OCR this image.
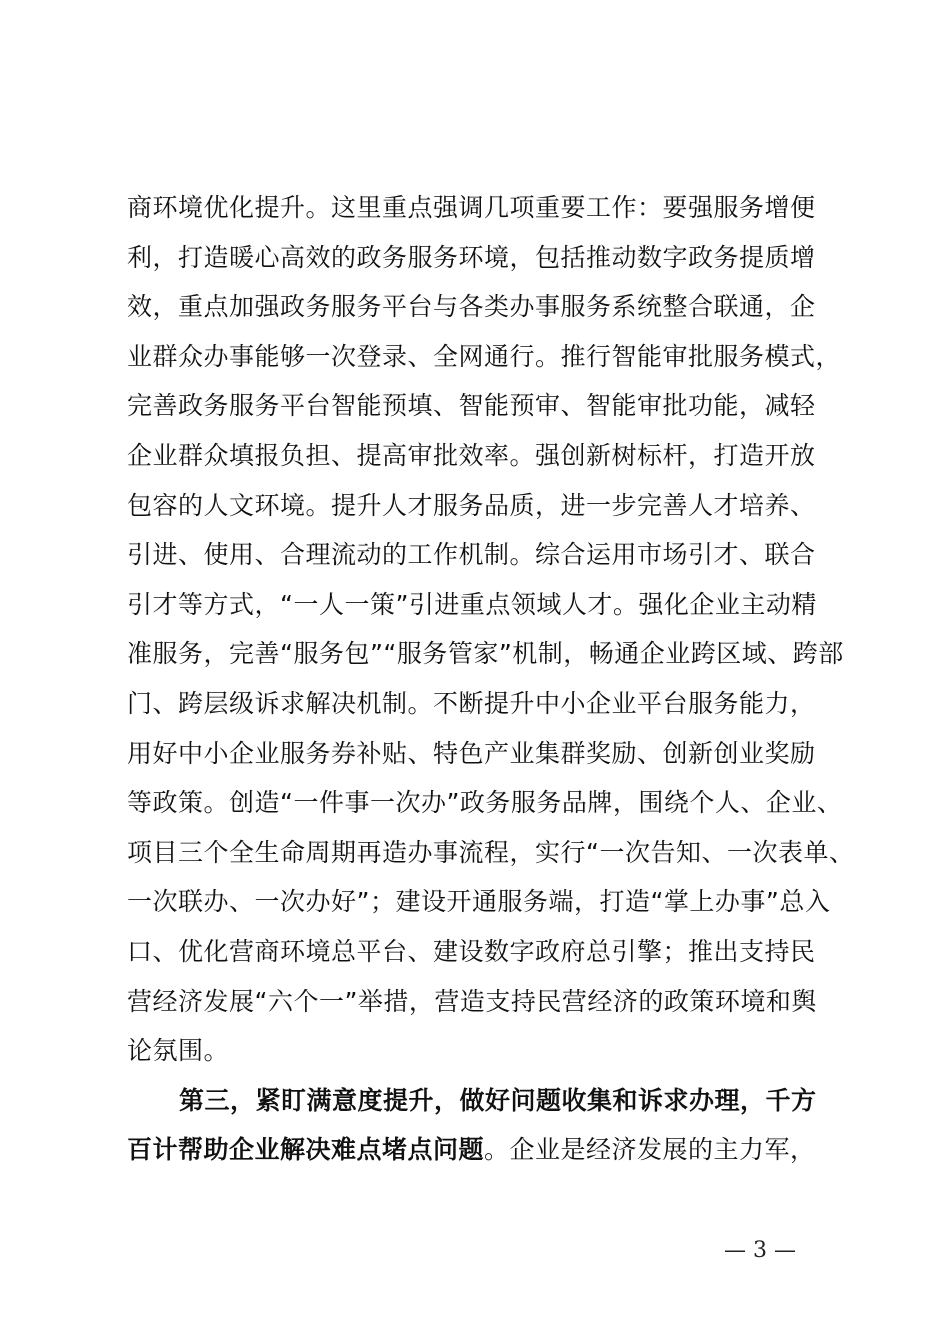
商环境优化提升。这里重点强调几项重要工作：要强服务增便
利，打造暖心高效的政务服务环境，包括推动数字政务提质增
效，重点加强政务服务平台与各类办事服务系统整合联通，企
业群众办事能够一次登录、全网通行。推行智能审批服务模式，
完善政务服务平台智能预填、智能预审、智能审批功能，减轻
企业群众填报负担、提高审批效率。强创新树标杆，打造开放
包容的人文环境。提升人才服务品质，进一步完善人才培养、
引进、使用、合理流动的工作机制。综合运用市场引才、联合
引才等方式，“一人一策”引进重点领域人才。强化企业主动精
准服务，完善“服务包”“服务管家”机制，畅通企业跨区域、跨部
门、跨层级诉求解决机制。不断提升中小企业平台服务能力，
用好中小企业服务券补贴、特色产业集群奖励、创新创业奖励
等政策。创造“一件事一次办”政务服务品牌，围绕个人、企业、
项目三个全生命周期再造办事流程，实行“一次告知、一次表单、
一次联办、一次办好”；建设开通服务端，打造“掌上办事”总入
口、优化营商环境总平台、建设数字政府总引擎；推出支持民
营经济发展“六个一”举措，营造支持民营经济的政策环境和舆
论氛围。
第三，紧盯满意度提升，做好问题收集和诉求办理，千方
百计帮助企业解决难点堵点问题。企业是经济发展的主力军，
— 3 —
